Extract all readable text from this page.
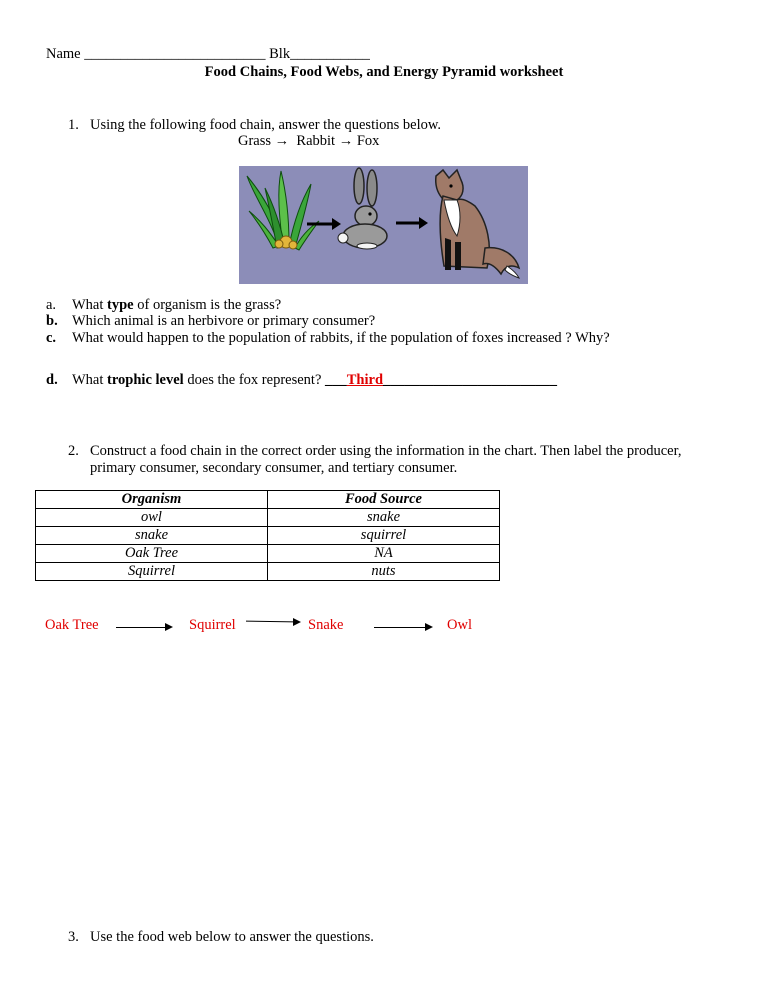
Name _________________________ Blk___________
Food Chains, Food Webs, and Energy Pyramid worksheet
1. Using the following food chain, answer the questions below.
Grass → Rabbit → Fox
a. What type of organism is the grass?
b. Which animal is an herbivore or primary consumer?
c. What would happen to the population of rabbits, if the population of foxes increased ? Why?
d. What trophic level does the fox represent? ___Third________________________
2. Construct a food chain in the correct order using the information in the chart. Then label the producer,
primary consumer, secondary consumer, and tertiary consumer.
Organism	Food Source
owl	snake
snake	squirrel
Oak Tree	NA
Squirrel	nuts
Oak Tree	Squirrel	Snake	Owl
3. Use the food web below to answer the questions.
